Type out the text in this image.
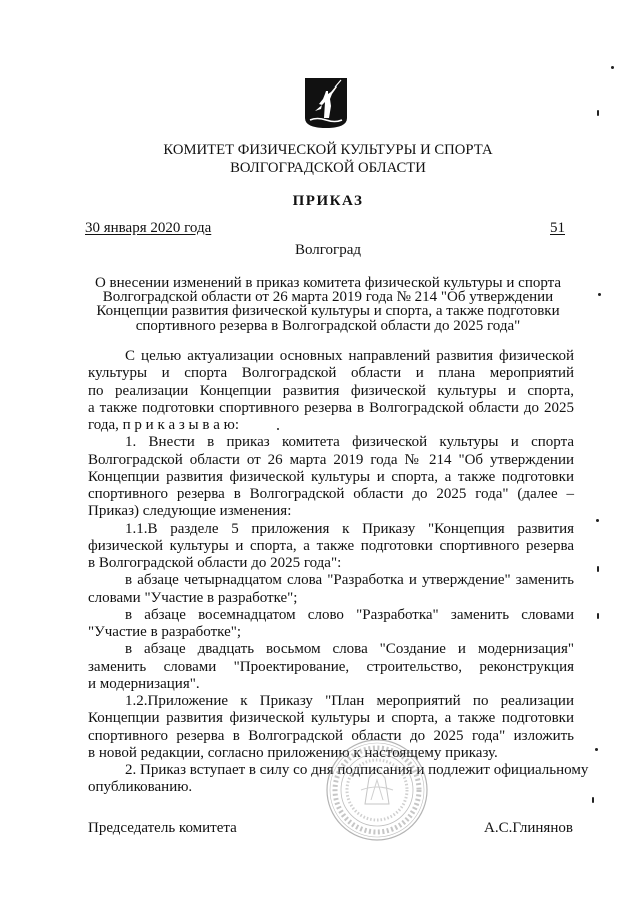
КОМИТЕТ ФИЗИЧЕСКОЙ КУЛЬТУРЫ И СПОРТА
ВОЛГОГРАДСКОЙ ОБЛАСТИ
ПРИКАЗ
30 января 2020 года	51
Волгоград
О внесении изменений в приказ комитета физической культуры и спорта
Волгоградской области от 26 марта 2019 года № 214 "Об утверждении
Концепции развития физической культуры и спорта, а также подготовки
спортивного резерва в Волгоградской области до 2025 года"
С целью актуализации основных направлений развития физической
культуры и спорта Волгоградской области и плана мероприятий
по реализации Концепции развития физической культуры и спорта,
а также подготовки спортивного резерва в Волгоградской области до 2025
года, п р и к а з ы в а ю:
1. Внести в приказ комитета физической культуры и спорта
Волгоградской области от 26 марта 2019 года № 214 "Об утверждении
Концепции развития физической культуры и спорта, а также подготовки
спортивного резерва в Волгоградской области до 2025 года" (далее –
Приказ) следующие изменения:
1.1.В разделе 5 приложения к Приказу "Концепция развития
физической культуры и спорта, а также подготовки спортивного резерва
в Волгоградской области до 2025 года":
в абзаце четырнадцатом слова "Разработка и утверждение" заменить
словами "Участие в разработке";
в абзаце восемнадцатом слово "Разработка" заменить словами
"Участие в разработке";
в абзаце двадцать восьмом слова "Создание и модернизация"
заменить словами "Проектирование, строительство, реконструкция
и модернизация".
1.2.Приложение к Приказу "План мероприятий по реализации
Концепции развития физической культуры и спорта, а также подготовки
спортивного резерва в Волгоградской области до 2025 года" изложить
в новой редакции, согласно приложению к настоящему приказу.
2. Приказ вступает в силу со дня подписания и подлежит официальному
опубликованию.
Председатель комитета	А.С.Глинянов
